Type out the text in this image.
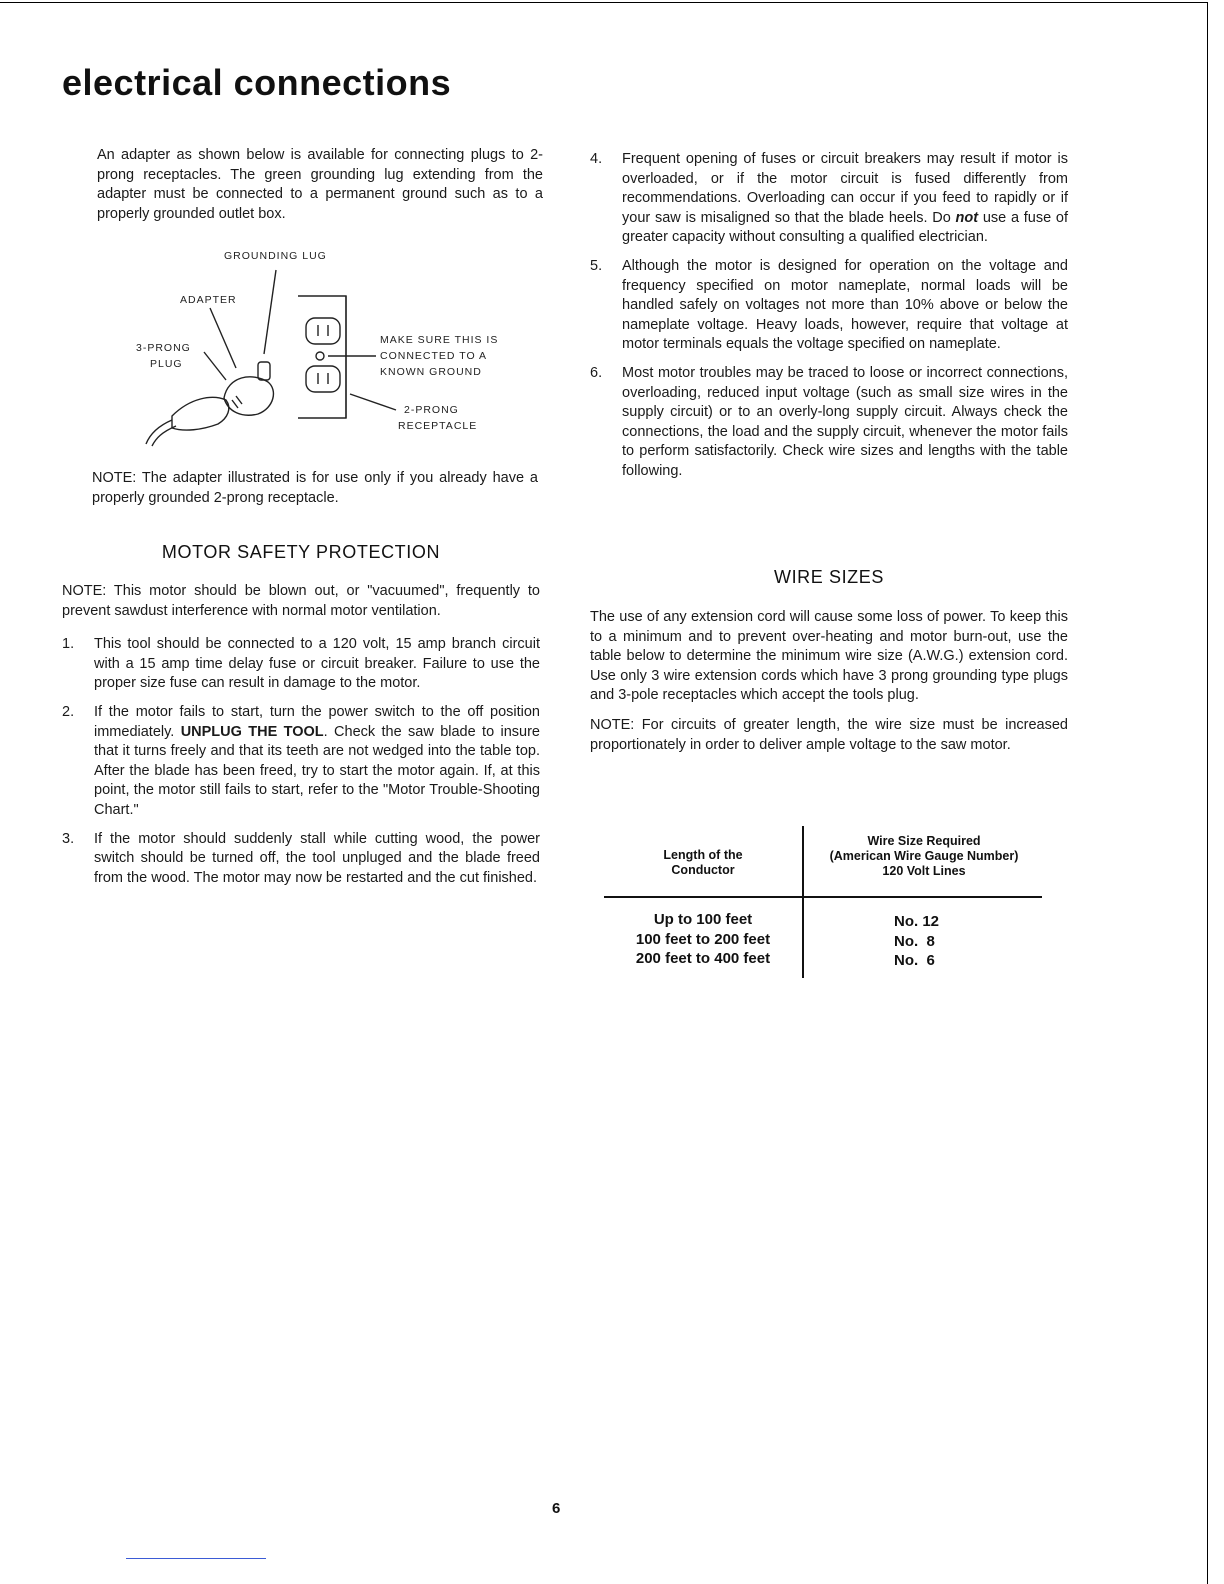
electrical connections

An adapter as shown below is available for connecting plugs to 2-prong receptacles. The green grounding lug extending from the adapter must be connected to a permanent ground such as to a properly grounded outlet box.

GROUNDING LUG
ADAPTER
3-PRONG
PLUG
MAKE SURE THIS IS
CONNECTED TO A
KNOWN GROUND
2-PRONG
RECEPTACLE

NOTE: The adapter illustrated is for use only if you already have a properly grounded 2-prong receptacle.

MOTOR SAFETY PROTECTION

NOTE: This motor should be blown out, or "vacuumed", frequently to prevent sawdust interference with normal motor ventilation.

1. This tool should be connected to a 120 volt, 15 amp branch circuit with a 15 amp time delay fuse or circuit breaker. Failure to use the proper size fuse can result in damage to the motor.
2. If the motor fails to start, turn the power switch to the off position immediately. UNPLUG THE TOOL. Check the saw blade to insure that it turns freely and that its teeth are not wedged into the table top. After the blade has been freed, try to start the motor again. If, at this point, the motor still fails to start, refer to the "Motor Trouble-Shooting Chart."
3. If the motor should suddenly stall while cutting wood, the power switch should be turned off, the tool unpluged and the blade freed from the wood. The motor may now be restarted and the cut finished.
4. Frequent opening of fuses or circuit breakers may result if motor is overloaded, or if the motor circuit is fused differently from recommendations. Overloading can occur if you feed to rapidly or if your saw is misaligned so that the blade heels. Do not use a fuse of greater capacity without consulting a qualified electrician.
5. Although the motor is designed for operation on the voltage and frequency specified on motor nameplate, normal loads will be handled safely on voltages not more than 10% above or below the nameplate voltage. Heavy loads, however, require that voltage at motor terminals equals the voltage specified on nameplate.
6. Most motor troubles may be traced to loose or incorrect connections, overloading, reduced input voltage (such as small size wires in the supply circuit) or to an overly-long supply circuit. Always check the connections, the load and the supply circuit, whenever the motor fails to perform satisfactorily. Check wire sizes and lengths with the table following.
WIRE SIZES

The use of any extension cord will cause some loss of power. To keep this to a minimum and to prevent over-heating and motor burn-out, use the table below to determine the minimum wire size (A.W.G.) extension cord. Use only 3 wire extension cords which have 3 prong grounding type plugs and 3-pole receptacles which accept the tools plug.

NOTE: For circuits of greater length, the wire size must be increased proportionately in order to deliver ample voltage to the saw motor.

Length of the
Conductor
Wire Size Required
(American Wire Gauge Number)
120 Volt Lines
Up to 100 feet	No. 12
100 feet to 200 feet	No.  8
200 feet to 400 feet	No.  6
6
